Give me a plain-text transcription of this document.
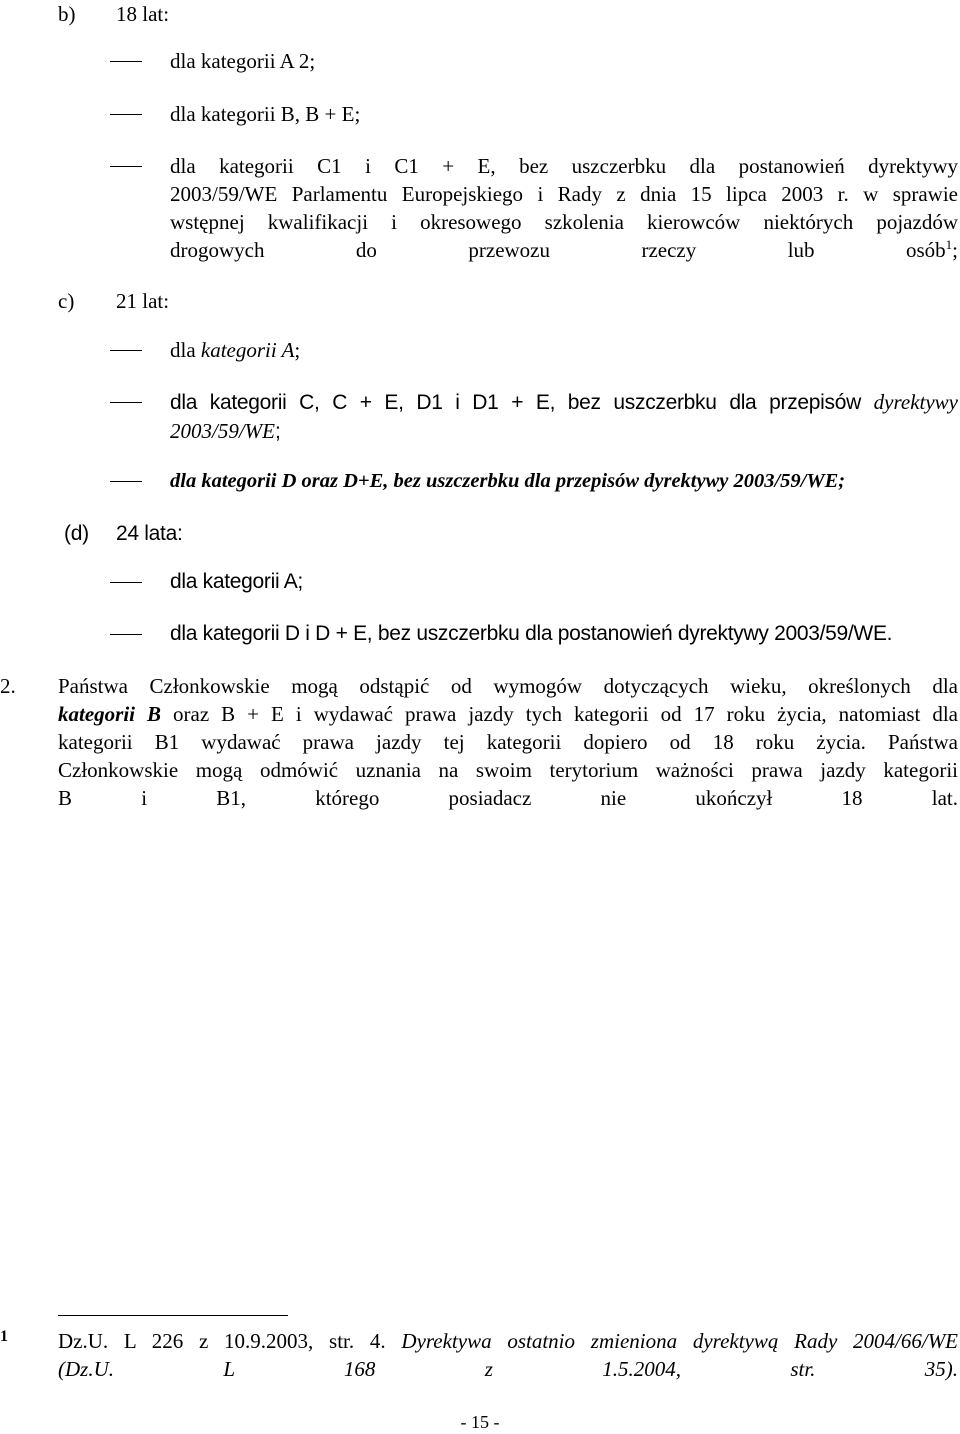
b) 18 lat:
dla kategorii A 2;
dla kategorii B, B + E;
dla kategorii C1 i C1 + E, bez uszczerbku dla postanowień dyrektywy
2003/59/WE Parlamentu Europejskiego i Rady z dnia 15 lipca 2003 r. w sprawie
wstępnej kwalifikacji i okresowego szkolenia kierowców niektórych pojazdów
drogowych do przewozu rzeczy lub osób$^1$;
c) 21 lat:
dla kategorii A;
dla kategorii C, C + E, D1 i D1 + E, bez uszczerbku dla przepisów dyrektywy
2003/59/WE;
dla kategorii D oraz D+E, bez uszczerbku dla przepisów dyrektywy 2003/59/WE;
(d) 24 lata:
dla kategorii A;
dla kategorii D i D + E, bez uszczerbku dla postanowień dyrektywy 2003/59/WE.
2. Państwa Członkowskie mogą odstąpić od wymogów dotyczących wieku, określonych dla
kategorii B oraz B + E i wydawać prawa jazdy tych kategorii od 17 roku życia, natomiast dla
kategorii B1 wydawać prawa jazdy tej kategorii dopiero od 18 roku życia. Państwa
Członkowskie mogą odmówić uznania na swoim terytorium ważności prawa jazdy kategorii
B i B1, którego posiadacz nie ukończył 18 lat.
1 Dz.U. L 226 z 10.9.2003, str. 4. Dyrektywa ostatnio zmieniona dyrektywą Rady 2004/66/WE
(Dz.U. L 168 z 1.5.2004, str. 35).
- 15 -
